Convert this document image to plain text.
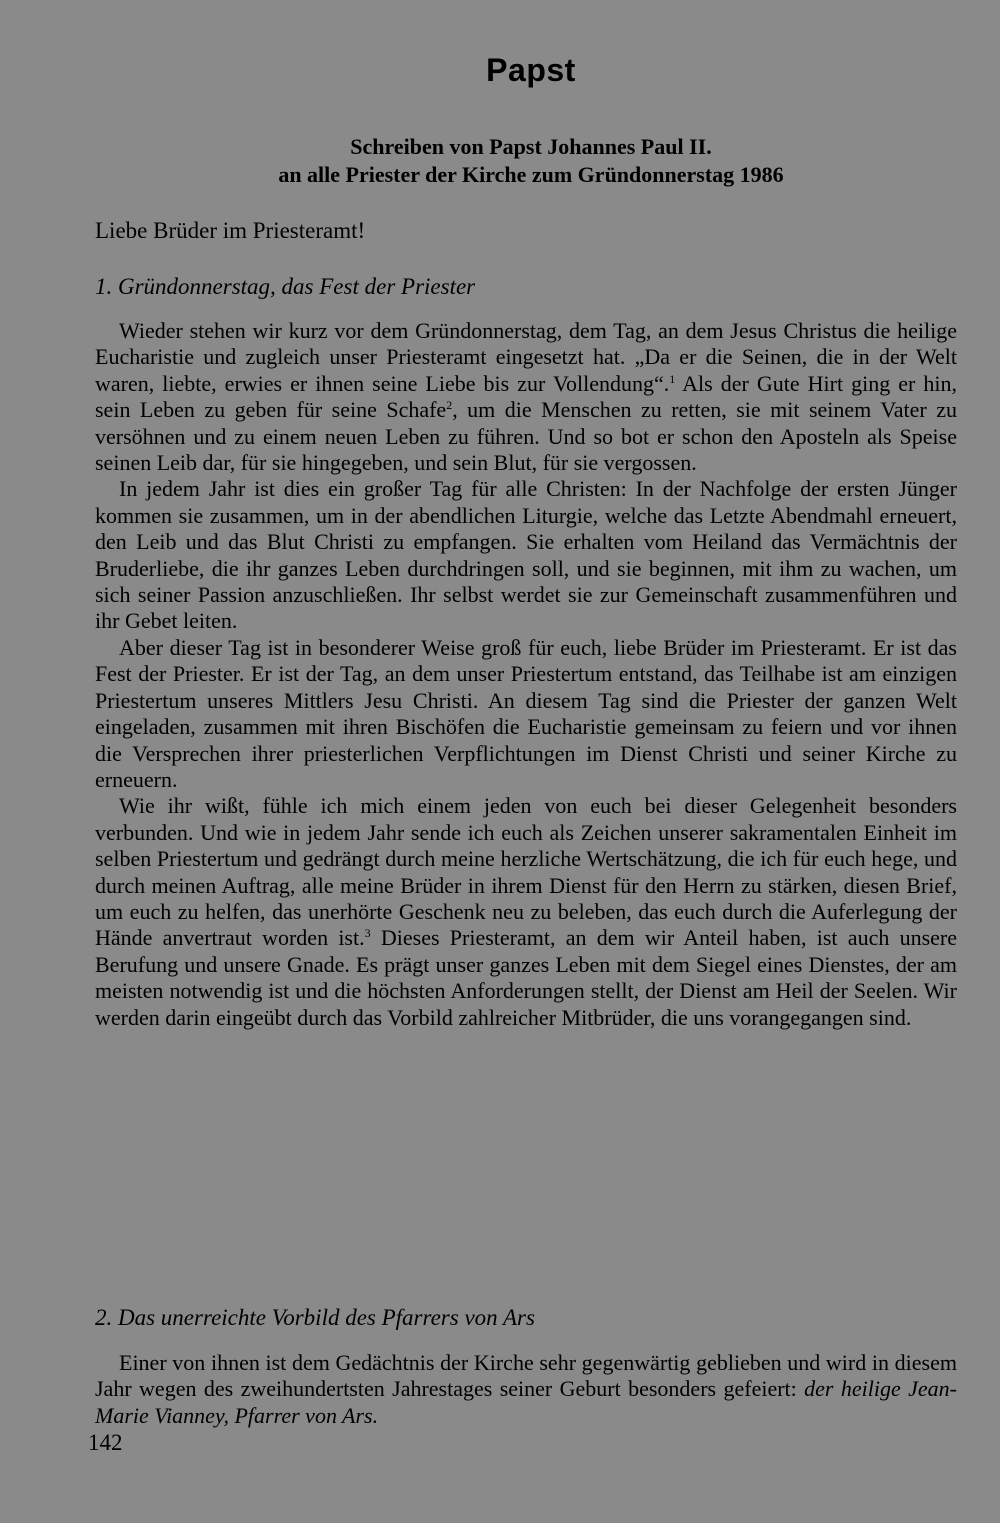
Papst
Schreiben von Papst Johannes Paul II.
an alle Priester der Kirche zum Gründonnerstag 1986
Liebe Brüder im Priesteramt!
1. Gründonnerstag, das Fest der Priester

Wieder stehen wir kurz vor dem Gründonnerstag, dem Tag, an dem Jesus Christus die heilige Eucharistie und zugleich unser Priesteramt eingesetzt hat. „Da er die Seinen, die in der Welt waren, liebte, erwies er ihnen seine Liebe bis zur Vollendung“.$^1$ Als der Gute Hirt ging er hin, sein Leben zu geben für seine Schafe$^2$, um die Menschen zu retten, sie mit seinem Vater zu versöhnen und zu einem neuen Leben zu führen. Und so bot er schon den Aposteln als Speise seinen Leib dar, für sie hingegeben, und sein Blut, für sie vergossen.

In jedem Jahr ist dies ein großer Tag für alle Christen: In der Nachfolge der ersten Jünger kommen sie zusammen, um in der abendlichen Liturgie, welche das Letzte Abendmahl erneuert, den Leib und das Blut Christi zu empfangen. Sie erhalten vom Heiland das Vermächtnis der Bruderliebe, die ihr ganzes Leben durchdringen soll, und sie beginnen, mit ihm zu wachen, um sich seiner Passion anzuschließen. Ihr selbst werdet sie zur Gemeinschaft zusammenführen und ihr Gebet leiten.

Aber dieser Tag ist in besonderer Weise groß für euch, liebe Brüder im Priesteramt. Er ist das Fest der Priester. Er ist der Tag, an dem unser Priestertum entstand, das Teilhabe ist am einzigen Priestertum unseres Mittlers Jesu Christi. An diesem Tag sind die Priester der ganzen Welt eingeladen, zusammen mit ihren Bischöfen die Eucharistie gemeinsam zu feiern und vor ihnen die Versprechen ihrer priesterlichen Verpflichtungen im Dienst Christi und seiner Kirche zu erneuern.

Wie ihr wißt, fühle ich mich einem jeden von euch bei dieser Gelegenheit besonders verbunden. Und wie in jedem Jahr sende ich euch als Zeichen unserer sakramentalen Einheit im selben Priestertum und gedrängt durch meine herzliche Wertschätzung, die ich für euch hege, und durch meinen Auftrag, alle meine Brüder in ihrem Dienst für den Herrn zu stärken, diesen Brief, um euch zu helfen, das unerhörte Geschenk neu zu beleben, das euch durch die Auferlegung der Hände anvertraut worden ist.$^3$ Dieses Priesteramt, an dem wir Anteil haben, ist auch unsere Berufung und unsere Gnade. Es prägt unser ganzes Leben mit dem Siegel eines Dienstes, der am meisten notwendig ist und die höchsten Anforderungen stellt, der Dienst am Heil der Seelen. Wir werden darin eingeübt durch das Vorbild zahlreicher Mitbrüder, die uns vorangegangen sind.

2. Das unerreichte Vorbild des Pfarrers von Ars

Einer von ihnen ist dem Gedächtnis der Kirche sehr gegenwärtig geblieben und wird in diesem Jahr wegen des zweihundertsten Jahrestages seiner Geburt besonders gefeiert: der heilige Jean-Marie Vianney, Pfarrer von Ars.

142
